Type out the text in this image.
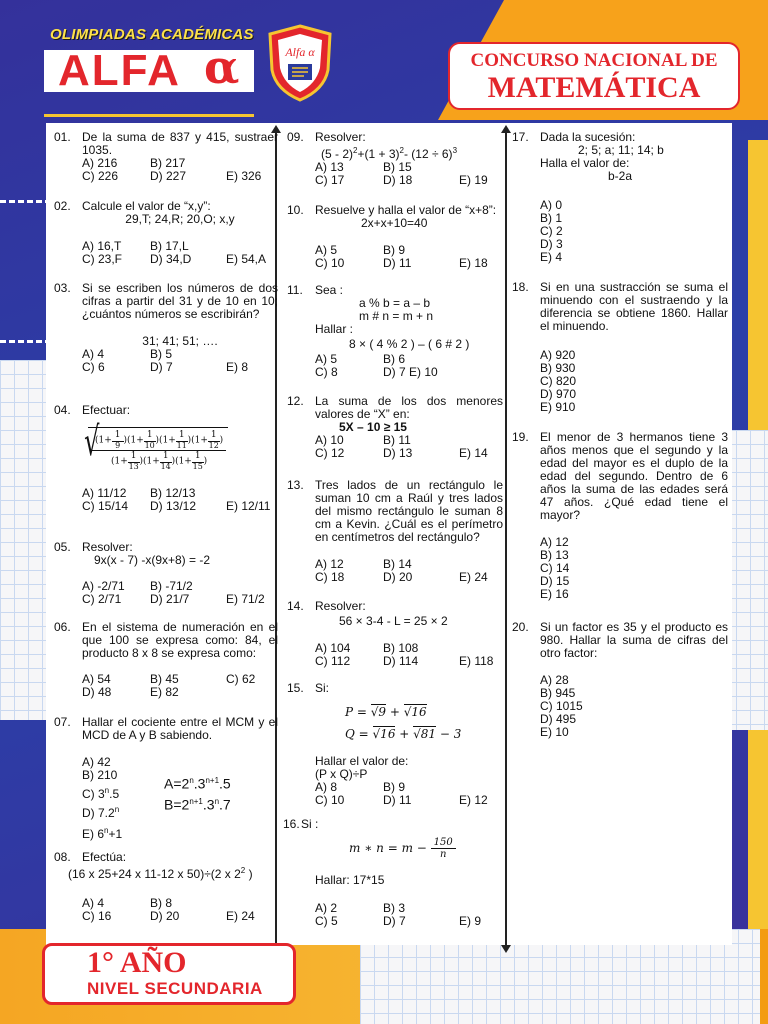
OLIMPIADAS ACADÉMICAS
ALFA α	Alfa α	CONCURSO NACIONAL DE
MATEMÁTICA
01. De la suma de 837 y 415, sustraer 1035.
A) 216	B) 217
C) 226	D) 227	E) 326
02. Calcule el valor de “x,y”:
29,T; 24,R; 20,O; x,y
A) 16,T	B) 17,L
C) 23,F	D) 34,D	E) 54,A
03. Si se escriben los números de dos cifras a partir del 31 y de 10 en 10; ¿cuántos números se escribirán?
31; 41; 51; ….
A) 4	B) 5
C) 6	D) 7	E) 8
04. Efectuar:
√ $\frac{(1+ \frac{1}{9} )(1+ \frac{1}{10} )(1+ \frac{1}{11} )(1+ \frac{1}{12} )}{(1+ \frac{1}{13} )(1+ \frac{1}{14} )(1+ \frac{1}{15} )}$
A) 11/12	B) 12/13
C) 15/14	D) 13/12	E) 12/11
05. Resolver:
9x(x - 7) -x(9x+8) = -2
A) -2/71	B) -71/2
C) 2/71	D) 21/7	E) 71/2
06. En el sistema de numeración en el que 100 se expresa como: 84, el producto 8 x 8 se expresa como:
A) 54	B) 45	C) 62
D) 48	E) 82
07. Hallar el cociente entre el MCM y el MCD de A y B sabiendo.
A) 42
B) 210
C) 3$^n$.5
D) 7.2$^n$
E) $6^n+1$
$A=2^n.3^{n+1}.5$
$B=2^{n+1}.3^n.7$
08. Efectúa:
(16 x 25+24 x 11-12 x 50)÷(2 x $2^2$ )
A) 4	B) 8
C) 16	D) 20	E) 24
09. Resolver:
$(5 - 2)^2+(1 + 3)^2-$ $(12 \div 6)^3$
A) 13	B) 15
C) 17	D) 18	E) 19
10. Resuelve y halla el valor de “x+8”:
2x+x+10=40
A) 5	B) 9
C) 10	D) 11	E) 18
11. Sea :
a % b = a – b
m # n = m + n
Hallar :
8 × ( 4 % 2 ) – ( 6 # 2 )
A) 5	B) 6
C) 8	D) 7 E) 10
12. La suma de los dos menores valores de “X” en:
5X – 10 ≥ 15
A) 10	B) 11
C) 12	D) 13	E) 14
13. Tres lados de un rectángulo le suman 10 cm a Raúl y tres lados del mismo rectángulo le suman 8 cm a Kevin. ¿Cuál es el perímetro en centímetros del rectángulo?
A) 12	B) 14
C) 18	D) 20	E) 24
14. Resolver:
56 × 3-4 - L = 25 × 2
A) 104	B) 108
C) 112	D) 114	E) 118
15. Si:
P = √9 + √16
Q = √16 + √81 − 3
Hallar el valor de:
(P x Q)÷P
A) 8	B) 9
C) 10	D) 11	E) 12
16. Si :
m ∗ $n = m - \frac{150}{n}$
Hallar: 17*15
A) 2	B) 3
C) 5	D) 7	E) 9
17. Dada la sucesión:
2; 5; a; 11; 14; b
Halla el valor de:
b-2a
A) 0
B) 1
C) 2
D) 3
E) 4
18. Si en una sustracción se suma el minuendo con el sustraendo y la diferencia se obtiene 1860. Hallar el minuendo.
A) 920
B) 930
C) 820
D) 970
E) 910
19. El menor de 3 hermanos tiene 3 años menos que el segundo y la edad del mayor es el duplo de la edad del segundo. Dentro de 6 años la suma de las edades será 47 años. ¿Qué edad tiene el mayor?
A) 12
B) 13
C) 14
D) 15
E) 16
20. Si un factor es 35 y el producto es 980. Hallar la suma de cifras del otro factor:
A) 28
B) 945
C) 1015
D) 495
E) 10
1° AÑO
NIVEL SECUNDARIA
